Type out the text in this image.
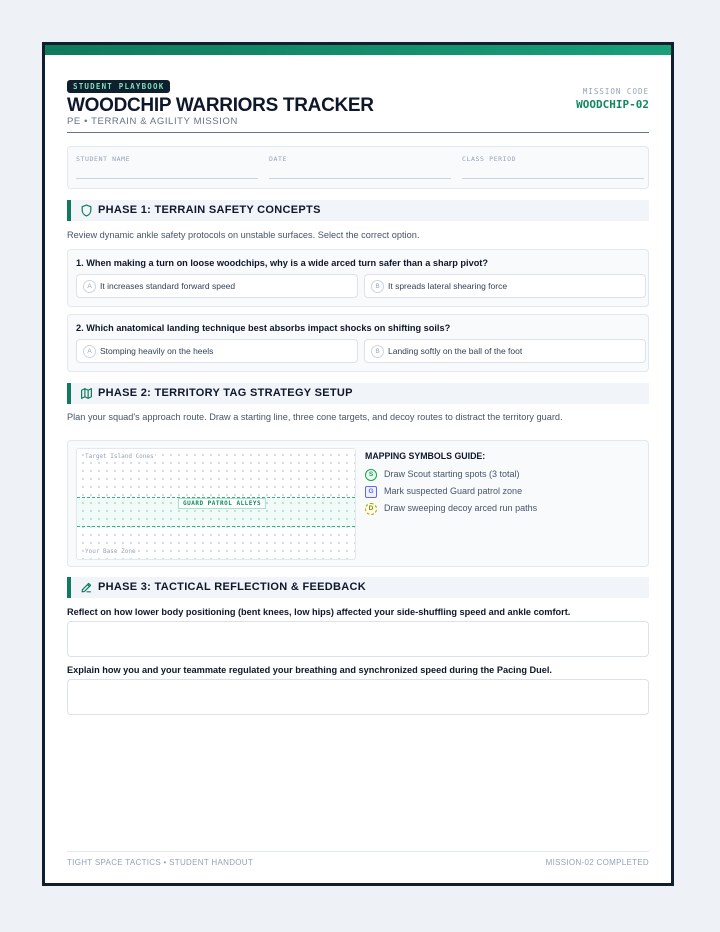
STUDENT PLAYBOOK
WOODCHIP WARRIORS TRACKER
PE • TERRAIN & AGILITY MISSION
MISSION CODE
WOODCHIP-02
STUDENT NAME	DATE	CLASS PERIOD
PHASE 1: TERRAIN SAFETY CONCEPTS
Review dynamic ankle safety protocols on unstable surfaces. Select the correct option.
1. When making a turn on loose woodchips, why is a wide arced turn safer than a sharp pivot?
A It increases standard forward speed	B It spreads lateral shearing force
2. Which anatomical landing technique best absorbs impact shocks on shifting soils?
A Stomping heavily on the heels	B Landing softly on the ball of the foot
PHASE 2: TERRITORY TAG STRATEGY SETUP
Plan your squad's approach route. Draw a starting line, three cone targets, and decoy routes to distract the territory guard.
Target Island Cones
GUARD PATROL ALLEYS
Your Base Zone
MAPPING SYMBOLS GUIDE:
S	Draw Scout starting spots (3 total)
G	Mark suspected Guard patrol zone
D	Draw sweeping decoy arced run paths
PHASE 3: TACTICAL REFLECTION & FEEDBACK
Reflect on how lower body positioning (bent knees, low hips) affected your side-shuffling speed and ankle comfort.
Explain how you and your teammate regulated your breathing and synchronized speed during the Pacing Duel.
TIGHT SPACE TACTICS • STUDENT HANDOUT	MISSION-02 COMPLETED
